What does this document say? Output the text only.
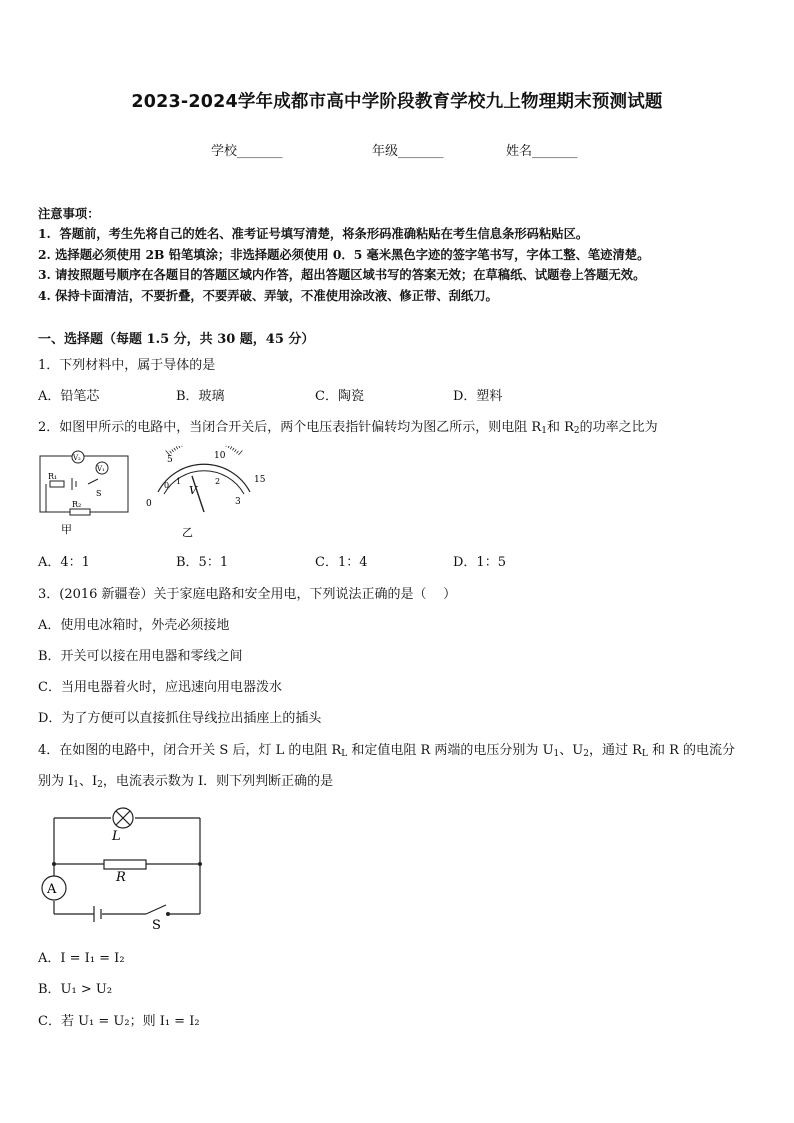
2023-2024学年成都市高中学阶段教育学校九上物理期末预测试题
学校_______	年级_______	姓名_______
注意事项：
1.  答题前，考生先将自己的姓名、准考证号填写清楚，将条形码准确粘贴在考生信息条形码粘贴区。
2. 选择题必须使用 2B 铅笔填涂；非选择题必须使用 0．5 毫米黑色字迹的签字笔书写，字体工整、笔迹清楚。
3. 请按照题号顺序在各题目的答题区域内作答，超出答题区域书写的答案无效；在草稿纸、试题卷上答题无效。
4. 保持卡面清洁，不要折叠，不要弄破、弄皱，不准使用涂改液、修正带、刮纸刀。
一、选择题（每题 1.5 分，共 30 题，45 分）
1．下列材料中，属于导体的是
A．铅笔芯	B．玻璃	C．陶瓷	D．塑料
2．如图甲所示的电路中，当闭合开关后，两个电压表指针偏转均为图乙所示，则电阻 $R_1$和 $R_2$的功率之比为
V₂
V₁
R₁
S
R₂
甲
0
5	10
15
0 1	2
3
V
乙
A．4：1	B．5：1	C．1：4	D．1：5
3．(2016 新疆卷）关于家庭电路和安全用电，下列说法正确的是（    ）
A．使用电冰箱时，外壳必须接地
B．开关可以接在用电器和零线之间
C．当用电器着火时，应迅速向用电器泼水
D．为了方便可以直接抓住导线拉出插座上的插头
4．在如图的电路中，闭合开关 S 后，灯 L 的电阻 $R_L$ 和定值电阻 R 两端的电压分别为 $U_1$、$U_2$，通过 $R_L$ 和 R 的电流分
别为 $I_1$、$I_2$，电流表示数为 I．则下列判断正确的是
L
R
A
S
A．I = I₁ = I₂
B．U₁ > U₂
C．若 U₁ = U₂；则 I₁ = I₂
